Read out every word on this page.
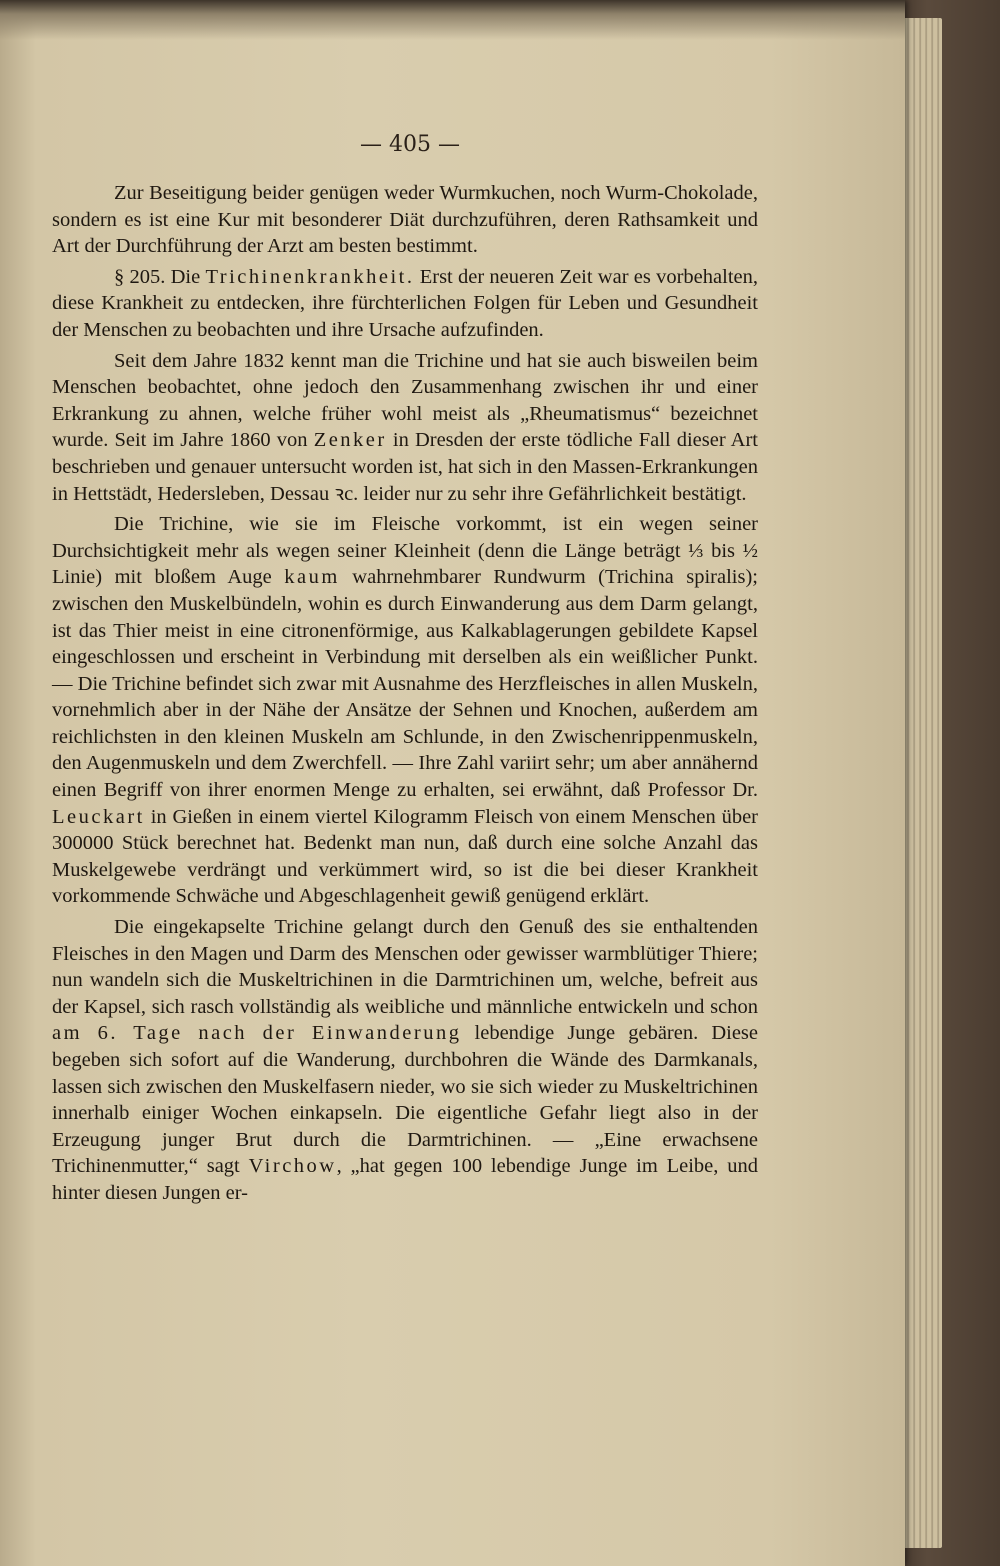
— 405 —

Zur Beseitigung beider genügen weder Wurmkuchen, noch Wurm-Chokolade, sondern es ist eine Kur mit besonderer Diät durchzuführen, deren Rathsamkeit und Art der Durchführung der Arzt am besten bestimmt.

§ 205. Die Trichinenkrankheit. Erst der neueren Zeit war es vorbehalten, diese Krankheit zu entdecken, ihre fürchterlichen Folgen für Leben und Gesundheit der Menschen zu beobachten und ihre Ursache aufzufinden.

Seit dem Jahre 1832 kennt man die Trichine und hat sie auch bisweilen beim Menschen beobachtet, ohne jedoch den Zusammenhang zwischen ihr und einer Erkrankung zu ahnen, welche früher wohl meist als „Rheumatismus“ bezeichnet wurde. Seit im Jahre 1860 von Zenker in Dresden der erste tödliche Fall dieser Art beschrieben und genauer untersucht worden ist, hat sich in den Massen-Erkrankungen in Hettstädt, Hedersleben, Dessau ꝛc. leider nur zu sehr ihre Gefährlichkeit bestätigt.

Die Trichine, wie sie im Fleische vorkommt, ist ein wegen seiner Durchsichtigkeit mehr als wegen seiner Kleinheit (denn die Länge beträgt ⅓ bis ½ Linie) mit bloßem Auge kaum wahrnehmbarer Rundwurm (Trichina spiralis); zwischen den Muskelbündeln, wohin es durch Einwanderung aus dem Darm gelangt, ist das Thier meist in eine citronenförmige, aus Kalkablagerungen gebildete Kapsel eingeschlossen und erscheint in Verbindung mit derselben als ein weißlicher Punkt. — Die Trichine befindet sich zwar mit Ausnahme des Herzfleisches in allen Muskeln, vornehmlich aber in der Nähe der Ansätze der Sehnen und Knochen, außerdem am reichlichsten in den kleinen Muskeln am Schlunde, in den Zwischenrippenmuskeln, den Augenmuskeln und dem Zwerchfell. — Ihre Zahl variirt sehr; um aber annähernd einen Begriff von ihrer enormen Menge zu erhalten, sei erwähnt, daß Professor Dr. Leuckart in Gießen in einem viertel Kilogramm Fleisch von einem Menschen über 300000 Stück berechnet hat. Bedenkt man nun, daß durch eine solche Anzahl das Muskelgewebe verdrängt und verkümmert wird, so ist die bei dieser Krankheit vorkommende Schwäche und Abgeschlagenheit gewiß genügend erklärt.

Die eingekapselte Trichine gelangt durch den Genuß des sie enthaltenden Fleisches in den Magen und Darm des Menschen oder gewisser warmblütiger Thiere; nun wandeln sich die Muskeltrichinen in die Darmtrichinen um, welche, befreit aus der Kapsel, sich rasch vollständig als weibliche und männliche entwickeln und schon am 6. Tage nach der Einwanderung lebendige Junge gebären. Diese begeben sich sofort auf die Wanderung, durchbohren die Wände des Darmkanals, lassen sich zwischen den Muskelfasern nieder, wo sie sich wieder zu Muskeltrichinen innerhalb einiger Wochen einkapseln. Die eigentliche Gefahr liegt also in der Erzeugung junger Brut durch die Darmtrichinen. — „Eine erwachsene Trichinenmutter,“ sagt Virchow, „hat gegen 100 lebendige Junge im Leibe, und hinter diesen Jungen er-
